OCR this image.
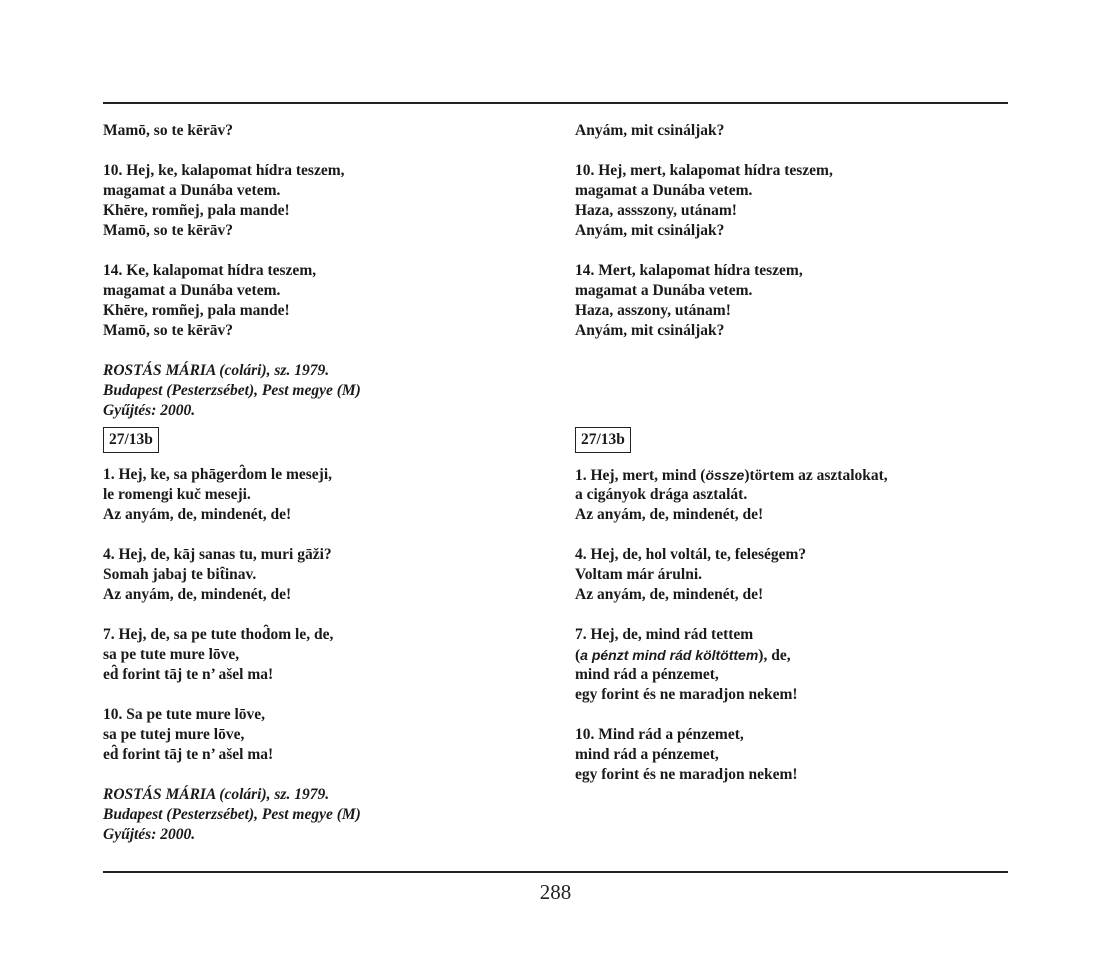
Mamō, so te kērāv?
10. Hej, ke, kalapomat hídra teszem,
magamat a Dunába vetem.
Khēre, romñej, pala mande!
Mamō, so te kērāv?
14. Ke, kalapomat hídra teszem,
magamat a Dunába vetem.
Khēre, romñej, pala mande!
Mamō, so te kērāv?
ROSTÁS MÁRIA (colári), sz. 1979.
Budapest (Pesterzsébet), Pest megye (M)
Gyűjtés: 2000.
27/13b
1. Hej, ke, sa phāgerd̑om le meseji,
le romengi kuč meseji.
Az anyám, de, mindenét, de!
4. Hej, de, kāj sanas tu, muri gāži?
Somah jabaj te bit̑inav.
Az anyám, de, mindenét, de!
7. Hej, de, sa pe tute thod̑om le, de,
sa pe tute mure lōve,
ed̑ forint tāj te n’ ašel ma!
10. Sa pe tute mure lōve,
sa pe tutej mure lōve,
ed̑ forint tāj te n’ ašel ma!
ROSTÁS MÁRIA (colári), sz. 1979.
Budapest (Pesterzsébet), Pest megye (M)
Gyűjtés: 2000.
Anyám, mit csináljak?
10. Hej, mert, kalapomat hídra teszem,
magamat a Dunába vetem.
Haza, assszony, utánam!
Anyám, mit csináljak?
14. Mert, kalapomat hídra teszem,
magamat a Dunába vetem.
Haza, asszony, utánam!
Anyám, mit csináljak?
27/13b
1. Hej, mert, mind (össze)törtem az asztalokat,
a cigányok drága asztalát.
Az anyám, de, mindenét, de!
4. Hej, de, hol voltál, te, feleségem?
Voltam már árulni.
Az anyám, de, mindenét, de!
7. Hej, de, mind rád tettem
(a pénzt mind rád költöttem), de,
mind rád a pénzemet,
egy forint és ne maradjon nekem!
10. Mind rád a pénzemet,
mind rád a pénzemet,
egy forint és ne maradjon nekem!
288
